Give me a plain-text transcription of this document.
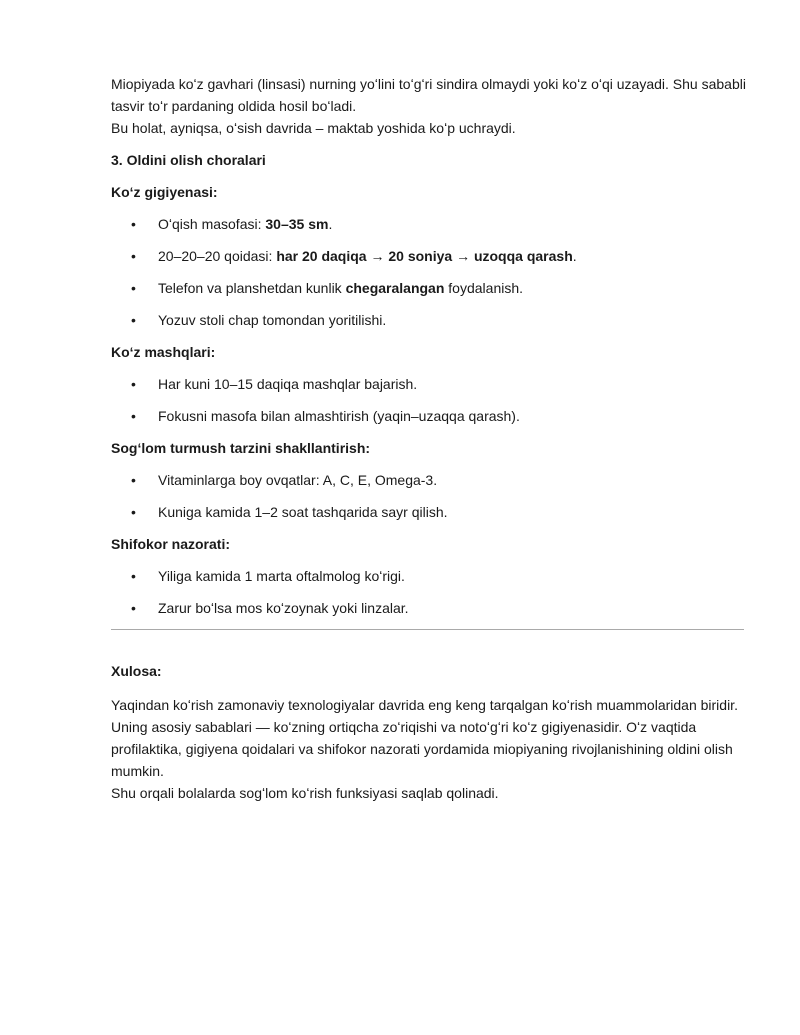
Miopiyada koʻz gavhari (linsasi) nurning yoʻlini toʻgʻri sindira olmaydi yoki koʻz oʻqi uzayadi. Shu sababli tasvir toʻr pardaning oldida hosil boʻladi.
Bu holat, ayniqsa, oʻsish davrida – maktab yoshida koʻp uchraydi.

3. Oldini olish choralari

Koʻz gigiyenasi:

• Oʻqish masofasi: 30–35 sm.
• 20–20–20 qoidasi: har 20 daqiqa → 20 soniya → uzoqqa qarash.
• Telefon va planshetdan kunlik chegaralangan foydalanish.
• Yozuv stoli chap tomondan yoritilishi.

Koʻz mashqlari:

• Har kuni 10–15 daqiqa mashqlar bajarish.
• Fokusni masofa bilan almashtirish (yaqin–uzaqqa qarash).

Sogʻlom turmush tarzini shakllantirish:

• Vitaminlarga boy ovqatlar: A, C, E, Omega-3.
• Kuniga kamida 1–2 soat tashqarida sayr qilish.

Shifokor nazorati:

• Yiliga kamida 1 marta oftalmolog koʻrigi.
• Zarur boʻlsa mos koʻzoynak yoki linzalar.

Xulosa:

Yaqindan koʻrish zamonaviy texnologiyalar davrida eng keng tarqalgan koʻrish muammolaridan biridir. Uning asosiy sabablari — koʻzning ortiqcha zoʻriqishi va notoʻgʻri koʻz gigiyenasidir. Oʻz vaqtida profilaktika, gigiyena qoidalari va shifokor nazorati yordamida miopiyaning rivojlanishining oldini olish mumkin.
Shu orqali bolalarda sogʻlom koʻrish funksiyasi saqlab qolinadi.
